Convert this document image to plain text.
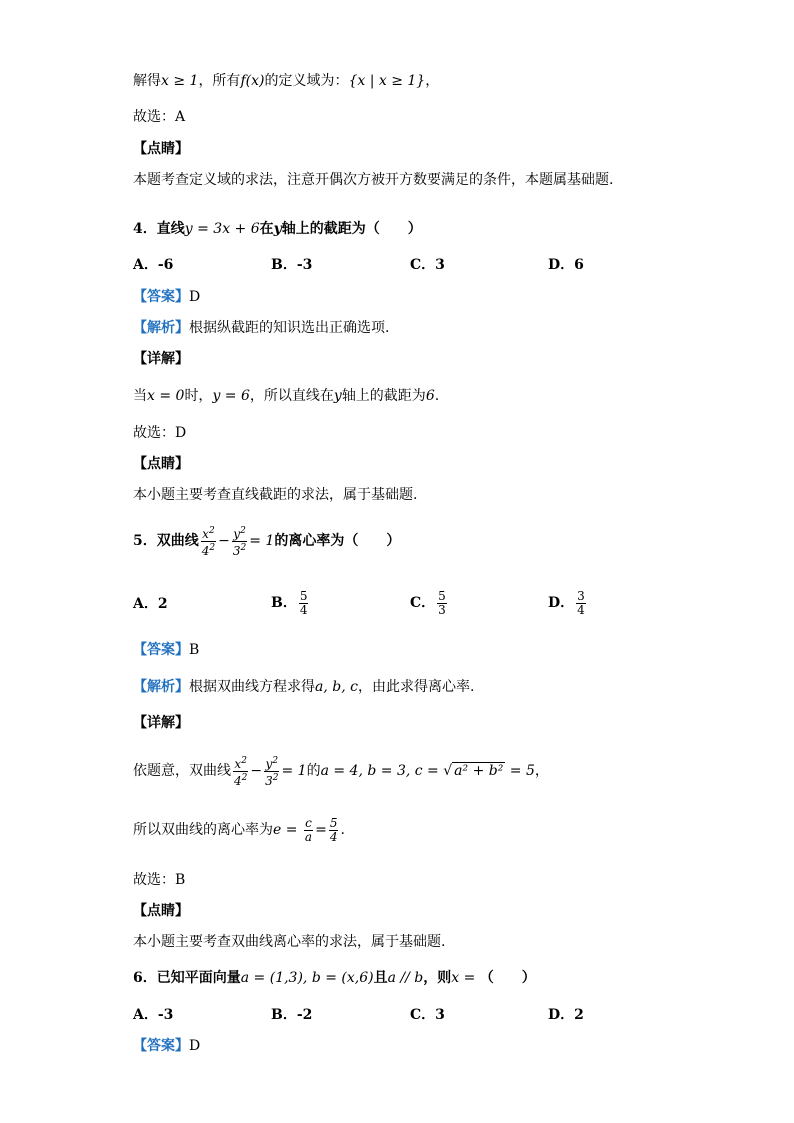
解得x ≥ 1，所有f(x)的定义域为：{x | x ≥ 1}，
故选：A
【点睛】
本题考查定义域的求法，注意开偶次方被开方数要满足的条件，本题属基础题.
4．直线y = 3x + 6在y轴上的截距为（　　）
A．-6	B．-3	C．3	D．6
【答案】D
【解析】根据纵截距的知识选出正确选项.
【详解】
当x = 0时，y = 6，所以直线在y轴上的截距为6.
故选：D
【点睛】
本小题主要考查直线截距的求法，属于基础题.
5．双曲线 $\frac{x^2}{4^2} - \frac{y^2}{3^2} = 1$的离心率为（　　）
A．2	B． $\frac{5}{4}$	C． $\frac{5}{3}$	D． $\frac{3}{4}$
【答案】B
【解析】根据双曲线方程求得a, b, c，由此求得离心率.
【详解】
依题意，双曲线 $\frac{x^2}{4^2} - \frac{y^2}{3^2} = 1$的a = 4, b = 3, c = √ a² + b² = 5，
所以双曲线的离心率为$e = \frac{c}{a} = \frac{5}{4}$ .
故选：B
【点睛】
本小题主要考查双曲线离心率的求法，属于基础题.
6．已知平面向量a = (1,3), b = (x,6)且a // b，则x = （　　）
A．-3	B．-2	C．3	D．2
【答案】D
